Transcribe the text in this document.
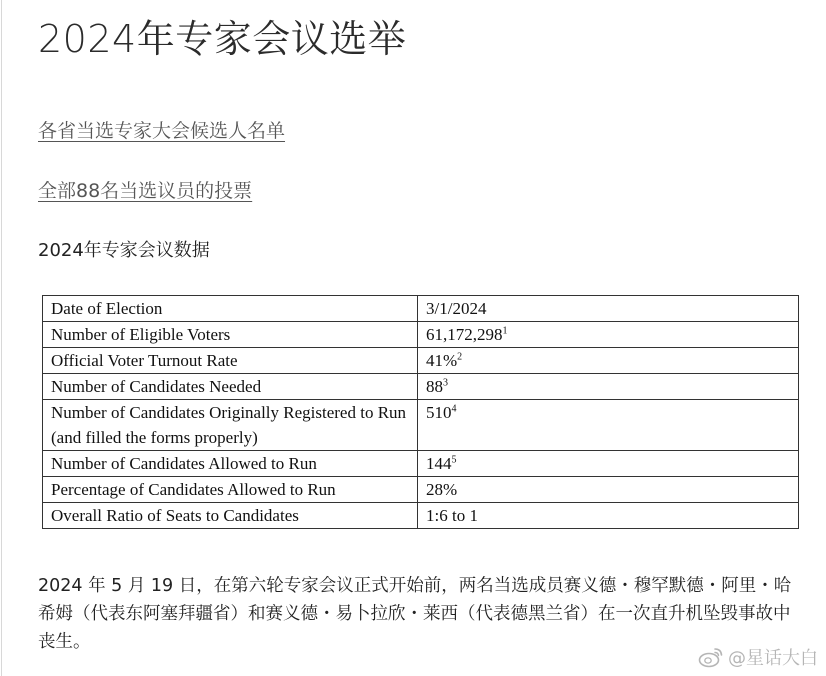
2024年专家会议选举
各省当选专家大会候选人名单
全部88名当选议员的投票
2024年专家会议数据
Date of Election	3/1/2024
Number of Eligible Voters	61,172,298$^1$
Official Voter Turnout Rate	41%$^2$
Number of Candidates Needed	88$^3$
Number of Candidates Originally Registered to Run (and filled the forms properly)	510$^4$
Number of Candidates Allowed to Run	144$^5$
Percentage of Candidates Allowed to Run	28%
Overall Ratio of Seats to Candidates	1:6 to 1

2024 年 5 月 19 日，在第六轮专家会议正式开始前，两名当选成员赛义德・穆罕默德・阿里・哈希姆（代表东阿塞拜疆省）和赛义德・易卜拉欣・莱西（代表德黑兰省）在一次直升机坠毁事故中丧生。

@星话大白
